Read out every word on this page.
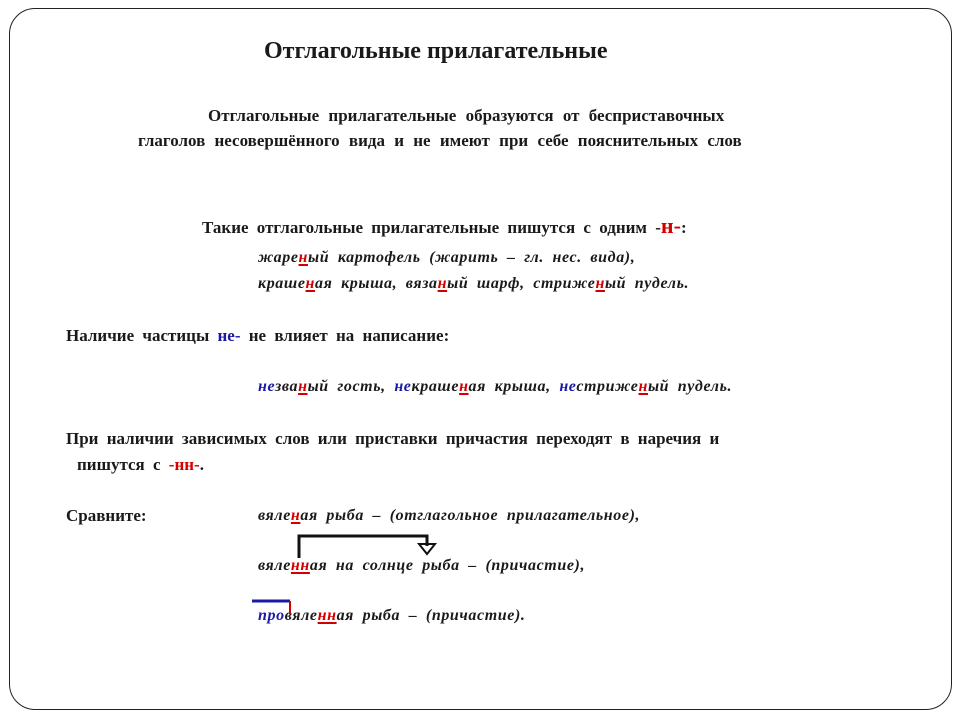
Отглагольные прилагательные
Отглагольные прилагательные образуются от бесприставочных
глаголов несовершённого вида и не имеют при себе пояснительных слов
Такие отглагольные прилагательные пишутся с одним -н-:
жареный картофель (жарить – гл. нес. вида),
крашеная крыша, вязаный шарф, стриженый пудель.
Наличие частицы не- не влияет на написание:
незваный гость, некрашеная крыша, нестриженый пудель.
При наличии зависимых слов или приставки причастия переходят в наречия и
пишутся с -нн-.
Сравните:	вяленая рыба – (отглагольное прилагательное),
вяленная на солнце рыба – (причастие),
провяленная рыба – (причастие).
